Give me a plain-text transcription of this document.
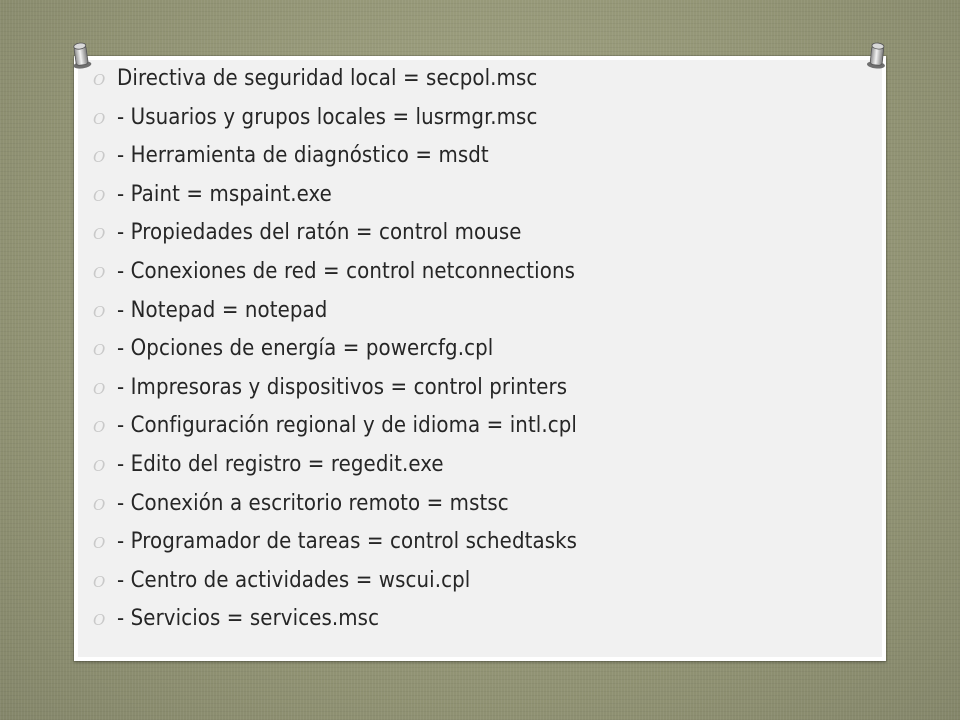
O Directiva de seguridad local = secpol.msc
O - Usuarios y grupos locales = lusrmgr.msc
O - Herramienta de diagnóstico = msdt
O - Paint = mspaint.exe
O - Propiedades del ratón = control mouse
O - Conexiones de red = control netconnections
O - Notepad = notepad
O - Opciones de energía = powercfg.cpl
O - Impresoras y dispositivos = control printers
O - Configuración regional y de idioma = intl.cpl
O - Edito del registro = regedit.exe
O - Conexión a escritorio remoto = mstsc
O - Programador de tareas = control schedtasks
O - Centro de actividades = wscui.cpl
O - Servicios = services.msc
